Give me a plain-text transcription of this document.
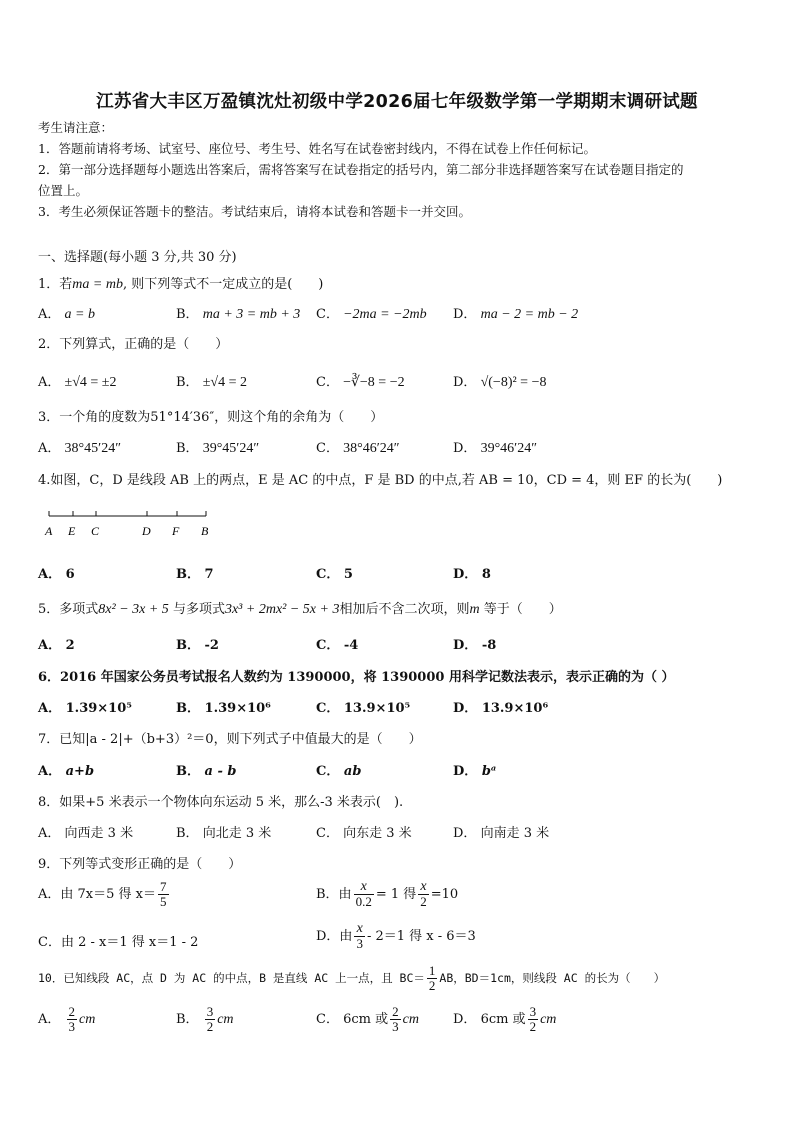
江苏省大丰区万盈镇沈灶初级中学2026届七年级数学第一学期期末调研试题
考生请注意：
1．答题前请将考场、试室号、座位号、考生号、姓名写在试卷密封线内，不得在试卷上作任何标记。
2．第一部分选择题每小题选出答案后，需将答案写在试卷指定的括号内，第二部分非选择题答案写在试卷题目指定的
位置上。
3．考生必须保证答题卡的整洁。考试结束后，请将本试卷和答题卡一并交回。
一、选择题(每小题 3 分,共 30 分)
1．若ma = mb, 则下列等式不一定成立的是(　　)
A． a = b	B． ma + 3 = mb + 3 C． −2ma = −2mb D． ma − 2 = mb − 2
2．下列算式，正确的是（　　）
A． ±√4 = ±2	B． ±√4 = 2	C． −∛−8 = −2	D． √(−8)² = −8
3．一个角的度数为51°14′36″，则这个角的余角为（　　）
A． 38°45′24″	B． 39°45′24″	C． 38°46′24″	D． 39°46′24″
4.如图，C，D 是线段 AB 上的两点，E 是 AC 的中点，F 是 BD 的中点,若 AB = 10，CD = 4，则 EF 的长为(　　)
A E C	D F B
A． 6	B． 7	C． 5	D． 8
5．多项式8x² − 3x + 5 与多项式3x³ + 2mx² − 5x + 3相加后不含二次项，则m 等于（　　）
A． 2	B． -2	C． -4	D． -8
6．2016 年国家公务员考试报名人数约为 1390000，将 1390000 用科学记数法表示，表示正确的为（ ）
A． 1.39×10⁵	B． 1.39×10⁶	C． 13.9×10⁵	D． 13.9×10⁶
7．已知|a - 2|+（b+3）²＝0，则下列式子中值最大的是（　　）
A． a+b	B． a - b	C． ab	D． bᵃ
8．如果+5 米表示一个物体向东运动 5 米，那么-3 米表示(　).
A． 向西走 3 米	B． 向北走 3 米	C． 向东走 3 米	D． 向南走 3 米
9．下列等式变形正确的是（　　）
A．由 7x＝5 得 $x= \frac{7}{5}$	B．由 $\frac{x}{0.2} = 1$ 得 $\frac{x}{2} =10$
C．由 2 - x＝1 得 x＝1 - 2	D．由 $\frac{x}{3} - 2=1$ 得 x - 6＝3
10．已知线段 AC，点 D 为 AC 的中点，B 是直线 AC 上一点，且 $BC= \frac{1}{2}$ AB，BD＝1cm，则线段 AC 的长为（　　）
A． $\frac{2}{3}$ cm	B． $\frac{3}{2}$ cm	C． 6cm 或 $\frac{2}{3}$ cm	D． 6cm 或 $\frac{3}{2}$ cm
